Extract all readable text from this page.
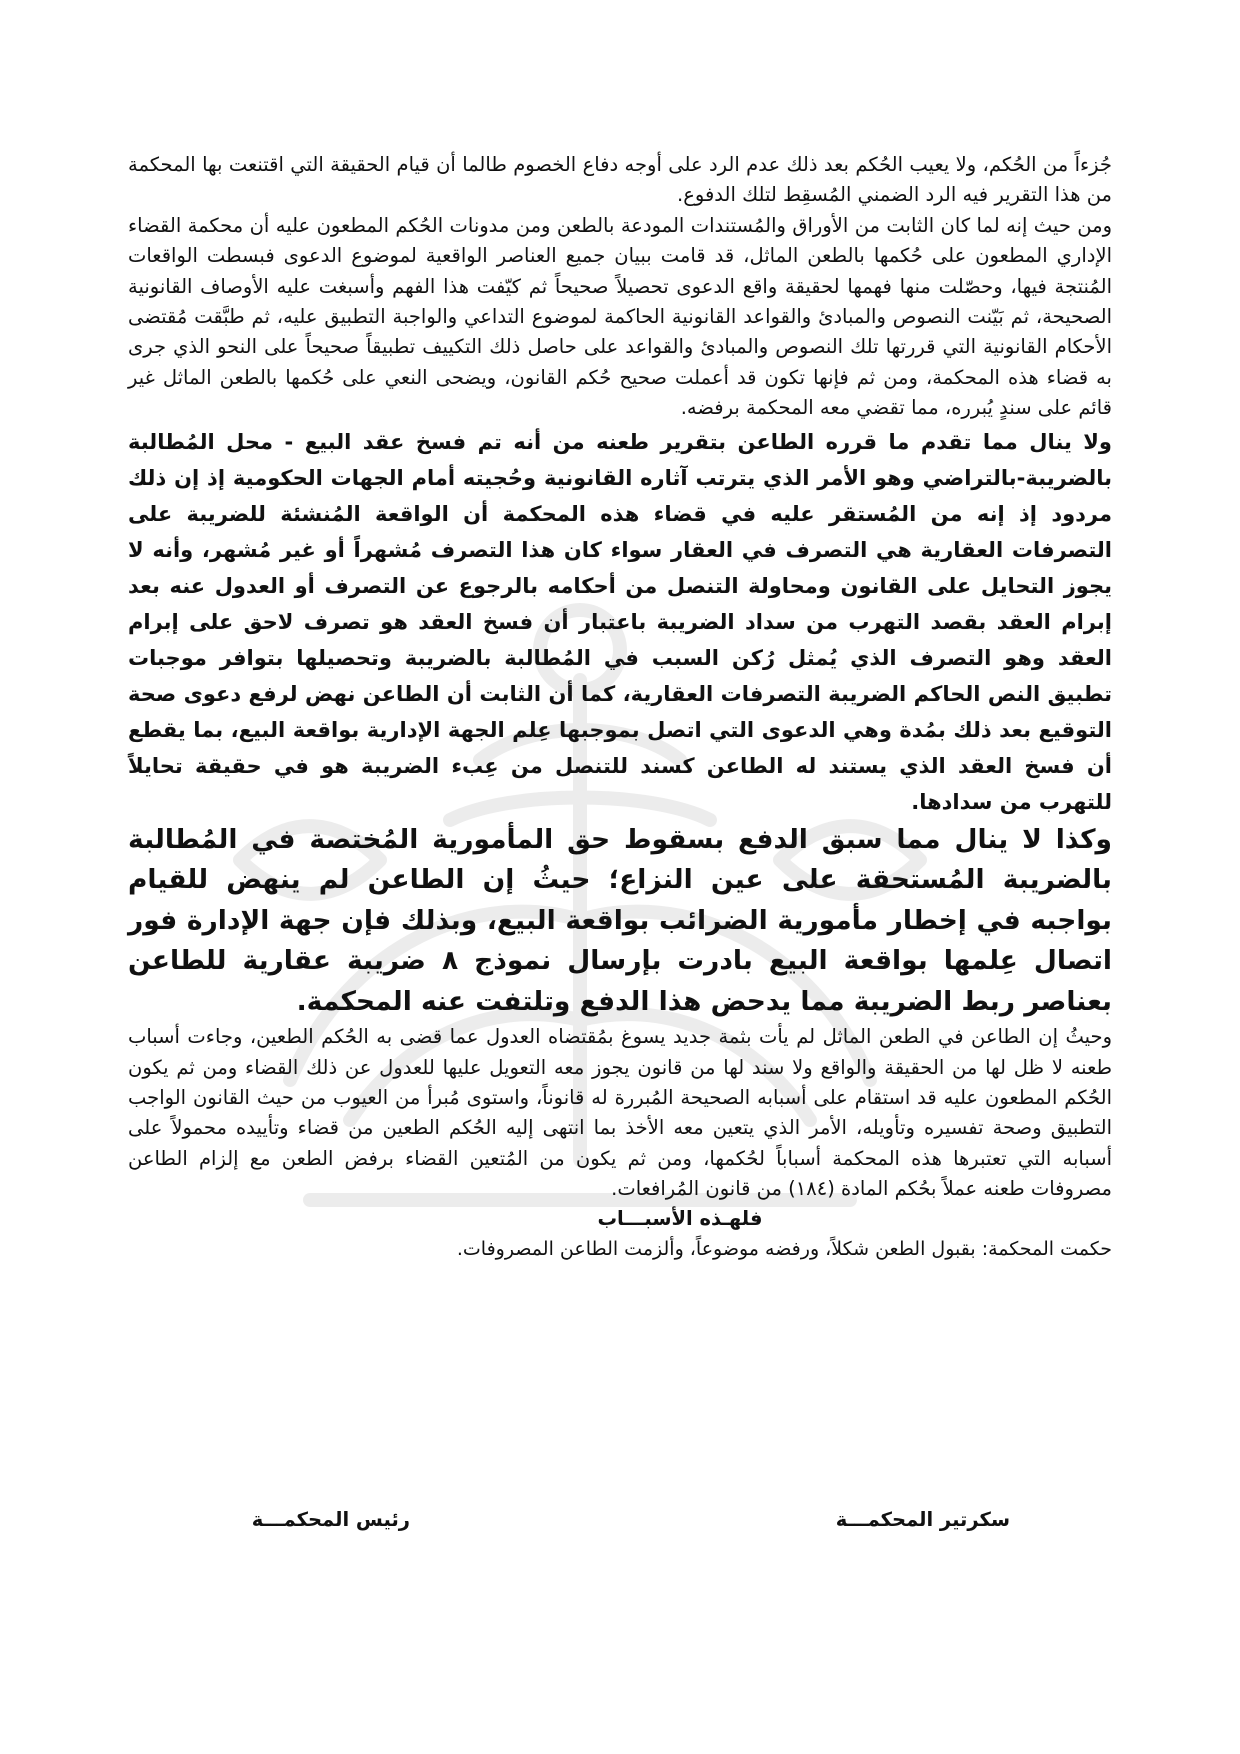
جُزءاً من الحُكم، ولا يعيب الحُكم بعد ذلك عدم الرد على أوجه دفاع الخصوم طالما أن قيام الحقيقة التي اقتنعت بها المحكمة من هذا التقرير فيه الرد الضمني المُسقِط لتلك الدفوع.

ومن حيث إنه لما كان الثابت من الأوراق والمُستندات المودعة بالطعن ومن مدونات الحُكم المطعون عليه أن محكمة القضاء الإداري المطعون على حُكمها بالطعن الماثل، قد قامت ببيان جميع العناصر الواقعية لموضوع الدعوى فبسطت الواقعات المُنتجة فيها، وحصّلت منها فهمها لحقيقة واقع الدعوى تحصيلاً صحيحاً ثم كيّفت هذا الفهم وأسبغت عليه الأوصاف القانونية الصحيحة، ثم بَيّنت النصوص والمبادئ والقواعد القانونية الحاكمة لموضوع التداعي والواجبة التطبيق عليه، ثم طبَّقت مُقتضى الأحكام القانونية التي قررتها تلك النصوص والمبادئ والقواعد على حاصل ذلك التكييف تطبيقاً صحيحاً على النحو الذي جرى به قضاء هذه المحكمة، ومن ثم فإنها تكون قد أعملت صحيح حُكم القانون، ويضحى النعي على حُكمها بالطعن الماثل غير قائم على سندٍ يُبرره، مما تقضي معه المحكمة برفضه.

ولا ينال مما تقدم ما قرره الطاعن بتقرير طعنه من أنه تم فسخ عقد البيع - محل المُطالبة بالضريبة-بالتراضي وهو الأمر الذي يترتب آثاره القانونية وحُجيته أمام الجهات الحكومية إذ إن ذلك مردود إذ إنه من المُستقر عليه في قضاء هذه المحكمة أن الواقعة المُنشئة للضريبة على التصرفات العقارية هي التصرف في العقار سواء كان هذا التصرف مُشهراً أو غير مُشهر، وأنه لا يجوز التحايل على القانون ومحاولة التنصل من أحكامه بالرجوع عن التصرف أو العدول عنه بعد إبرام العقد بقصد التهرب من سداد الضريبة باعتبار أن فسخ العقد هو تصرف لاحق على إبرام العقد وهو التصرف الذي يُمثل رُكن السبب في المُطالبة بالضريبة وتحصيلها بتوافر موجبات تطبيق النص الحاكم الضريبة التصرفات العقارية، كما أن الثابت أن الطاعن نهض لرفع دعوى صحة التوقيع بعد ذلك بمُدة وهي الدعوى التي اتصل بموجبها عِلم الجهة الإدارية بواقعة البيع، بما يقطع أن فسخ العقد الذي يستند له الطاعن كسند للتنصل من عِبء الضريبة هو في حقيقة تحايلاً للتهرب من سدادها.

وكذا لا ينال مما سبق الدفع بسقوط حق المأمورية المُختصة في المُطالبة بالضريبة المُستحقة على عين النزاع؛ حيثُ إن الطاعن لم ينهض للقيام بواجبه في إخطار مأمورية الضرائب بواقعة البيع، وبذلك فإن جهة الإدارة فور اتصال عِلمها بواقعة البيع بادرت بإرسال نموذج ٨ ضريبة عقارية للطاعن بعناصر ربط الضريبة مما يدحض هذا الدفع وتلتفت عنه المحكمة.

وحيثُ إن الطاعن في الطعن الماثل لم يأت بثمة جديد يسوغ بمُقتضاه العدول عما قضى به الحُكم الطعين، وجاءت أسباب طعنه لا ظل لها من الحقيقة والواقع ولا سند لها من قانون يجوز معه التعويل عليها للعدول عن ذلك القضاء ومن ثم يكون الحُكم المطعون عليه قد استقام على أسبابه الصحيحة المُبررة له قانوناً، واستوى مُبرأ من العيوب من حيث القانون الواجب التطبيق وصحة تفسيره وتأويله، الأمر الذي يتعين معه الأخذ بما انتهى إليه الحُكم الطعين من قضاء وتأييده محمولاً على أسبابه التي تعتبرها هذه المحكمة أسباباً لحُكمها، ومن ثم يكون من المُتعين القضاء برفض الطعن مع إلزام الطاعن مصروفات طعنه عملاً بحُكم المادة (١٨٤) من قانون المُرافعات.

فلهـذه الأسبـــاب

حكمت المحكمة: بقبول الطعن شكلاً، ورفضه موضوعاً، وألزمت الطاعن المصروفات.

سكرتير المحكمـــة
رئيس المحكمـــة
